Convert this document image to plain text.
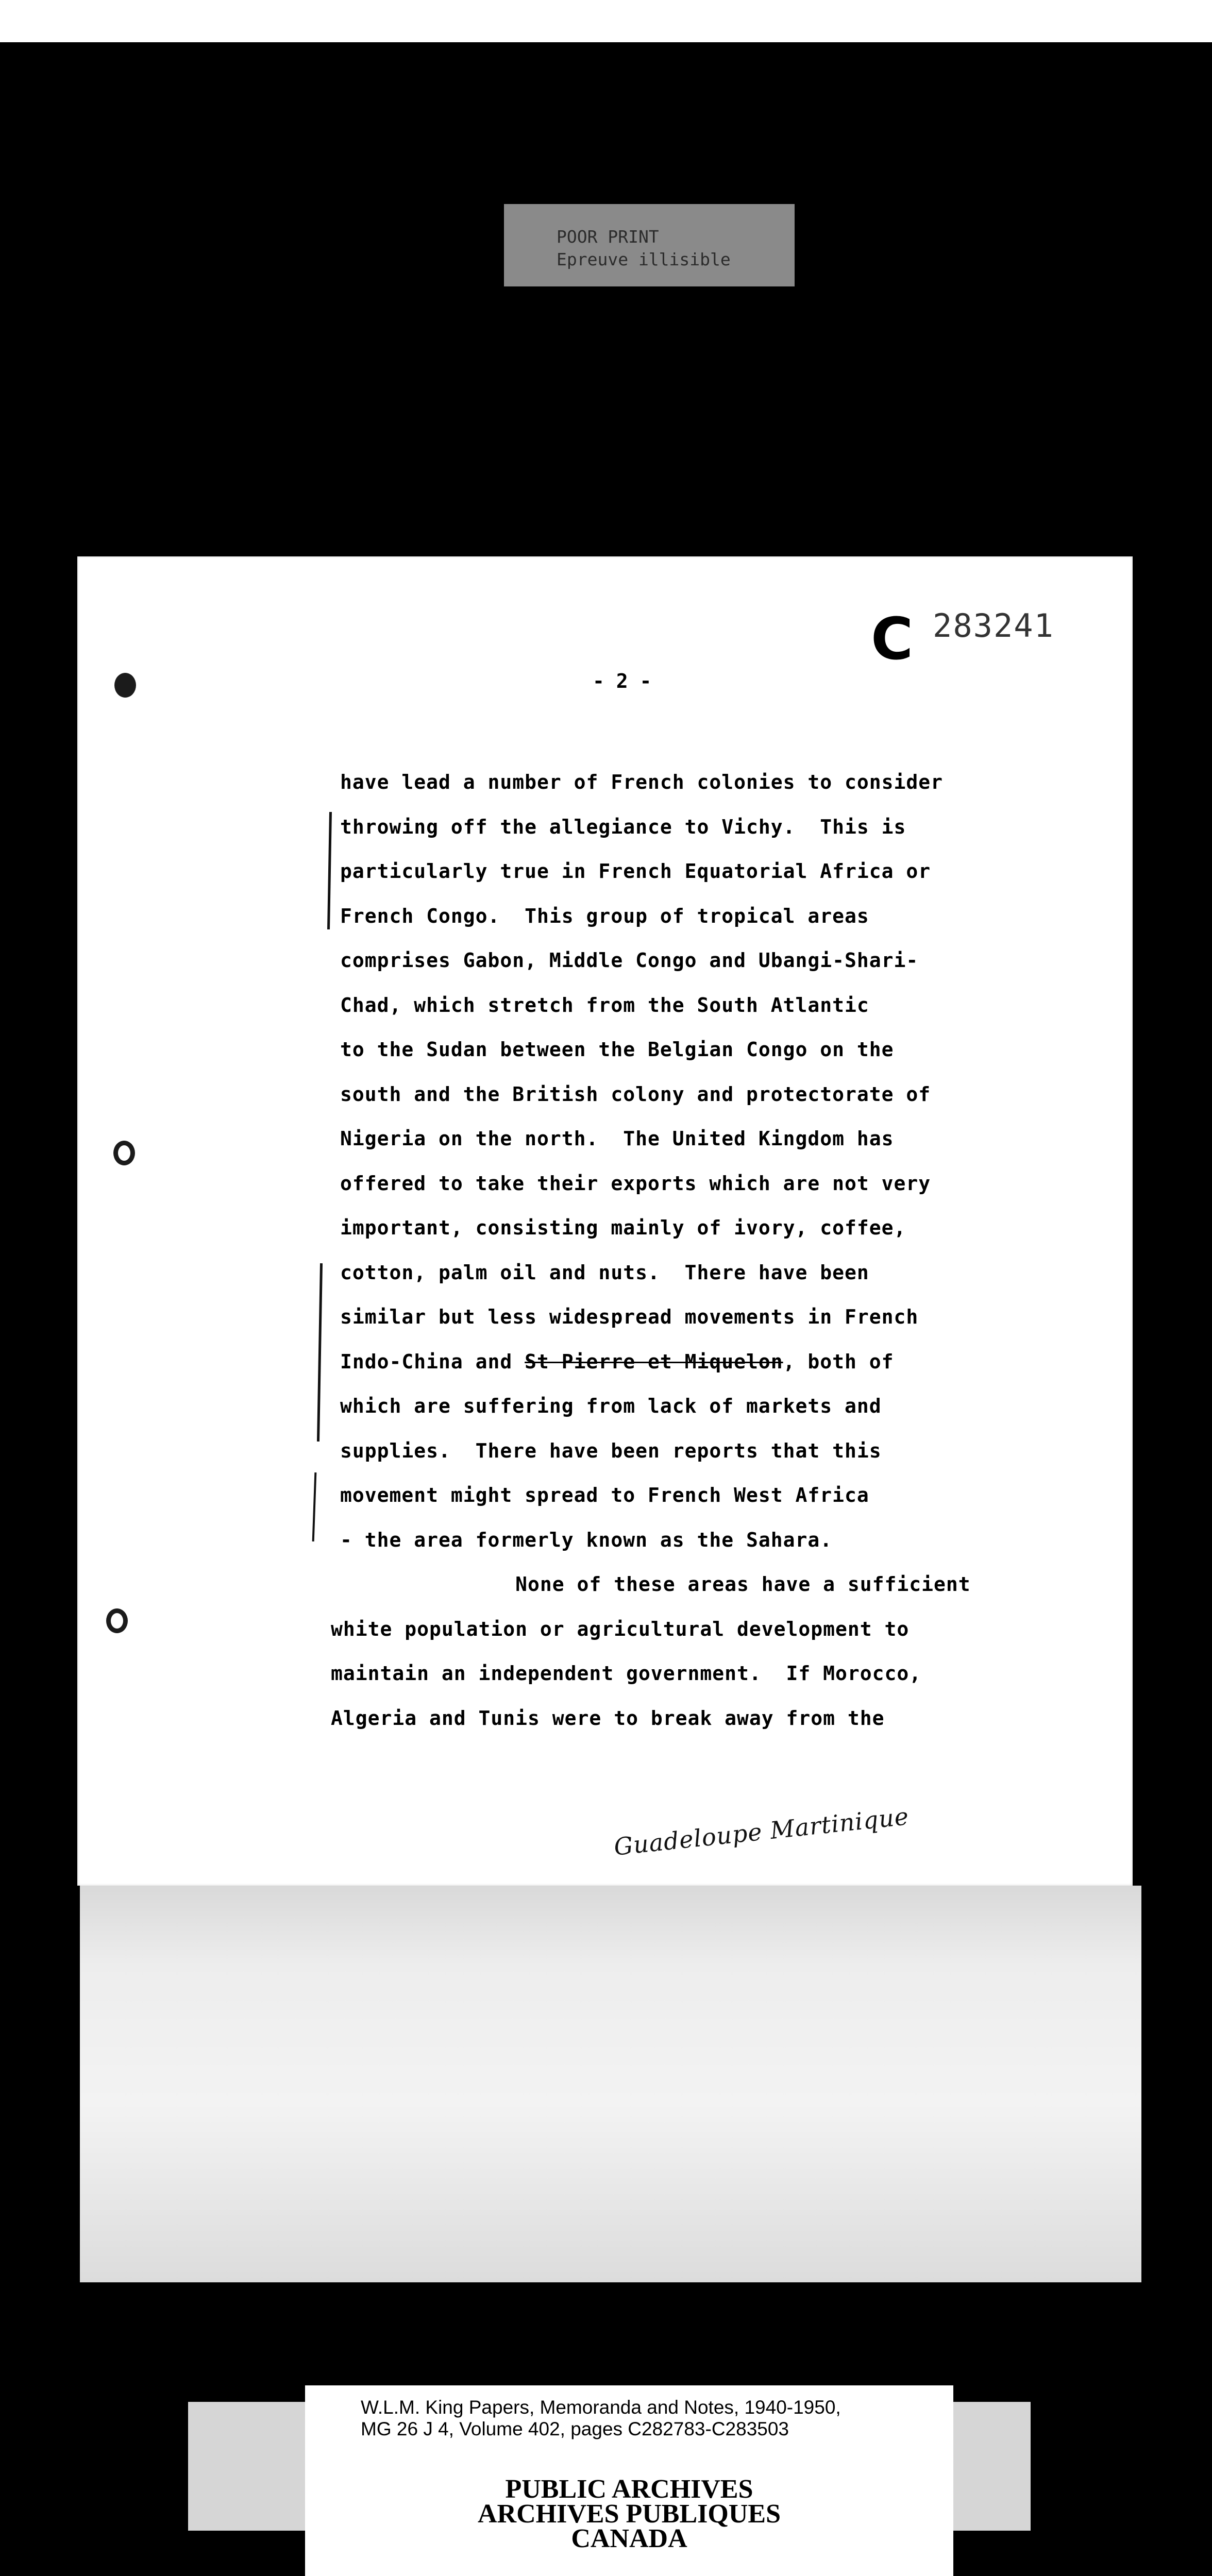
POOR PRINT
Epreuve illisible
C 283241
- 2 -
have lead a number of French colonies to consider
throwing off the allegiance to Vichy.  This is
particularly true in French Equatorial Africa or
French Congo.  This group of tropical areas
comprises Gabon, Middle Congo and Ubangi-Shari-
Chad, which stretch from the South Atlantic
to the Sudan between the Belgian Congo on the
south and the British colony and protectorate of
Nigeria on the north.  The United Kingdom has
offered to take their exports which are not very
important, consisting mainly of ivory, coffee,
cotton, palm oil and nuts.  There have been
similar but less widespread movements in French
Indo-China and St Pierre et Miquelon, both of
which are suffering from lack of markets and
supplies.  There have been reports that this
movement might spread to French West Africa
- the area formerly known as the Sahara.
None of these areas have a sufficient
white population or agricultural development to
maintain an independent government.  If Morocco,
Algeria and Tunis were to break away from the
Guadeloupe Martinique
W.L.M. King Papers, Memoranda and Notes, 1940-1950,
MG 26 J 4, Volume 402, pages C282783-C283503
PUBLIC ARCHIVES
ARCHIVES PUBLIQUES
CANADA
